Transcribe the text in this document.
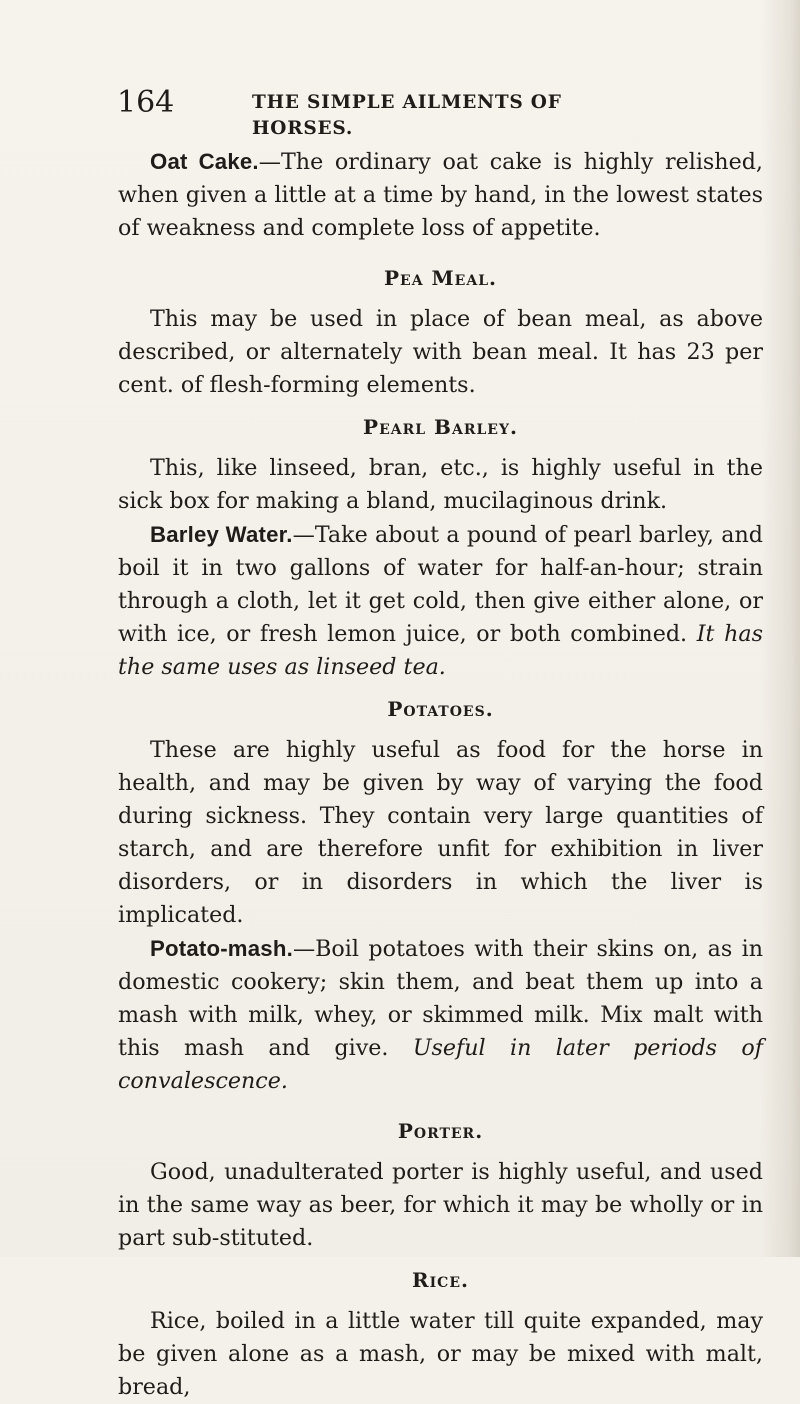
164	THE SIMPLE AILMENTS OF HORSES.

Oat Cake.—The ordinary oat cake is highly relished, when given a little at a time by hand, in the lowest states of weakness and complete loss of appetite.

Pea Meal.

This may be used in place of bean meal, as above described, or alternately with bean meal. It has 23 per cent. of flesh-forming elements.

Pearl Barley.

This, like linseed, bran, etc., is highly useful in the sick box for making a bland, mucilaginous drink.

Barley Water.—Take about a pound of pearl barley, and boil it in two gallons of water for half-an-hour; strain through a cloth, let it get cold, then give either alone, or with ice, or fresh lemon juice, or both combined. It has the same uses as linseed tea.

Potatoes.

These are highly useful as food for the horse in health, and may be given by way of varying the food during sickness. They contain very large quantities of starch, and are therefore unfit for exhibition in liver disorders, or in disorders in which the liver is implicated.

Potato-mash.—Boil potatoes with their skins on, as in domestic cookery; skin them, and beat them up into a mash with milk, whey, or skimmed milk. Mix malt with this mash and give. Useful in later periods of convalescence.

Porter.

Good, unadulterated porter is highly useful, and used in the same way as beer, for which it may be wholly or in part sub-stituted.

Rice.

Rice, boiled in a little water till quite expanded, may be given alone as a mash, or may be mixed with malt, bread,
